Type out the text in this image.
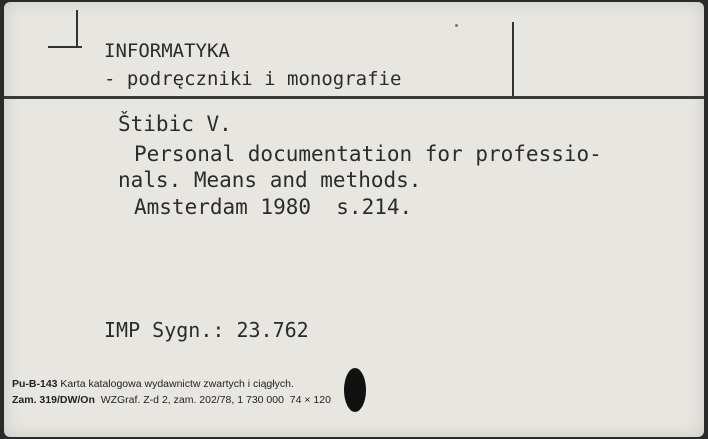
INFORMATYKA
- podręczniki i monografie
Štibic V.
Personal documentation for professio-
nals. Means and methods.
Amsterdam 1980  s.214.
IMP Sygn.: 23.762
Pu-B-143 Karta katalogowa wydawnictw zwartych i ciągłych.
Zam. 319/DW/On  WZGraf. Z-d 2, zam. 202/78, 1 730 000  74 × 120
